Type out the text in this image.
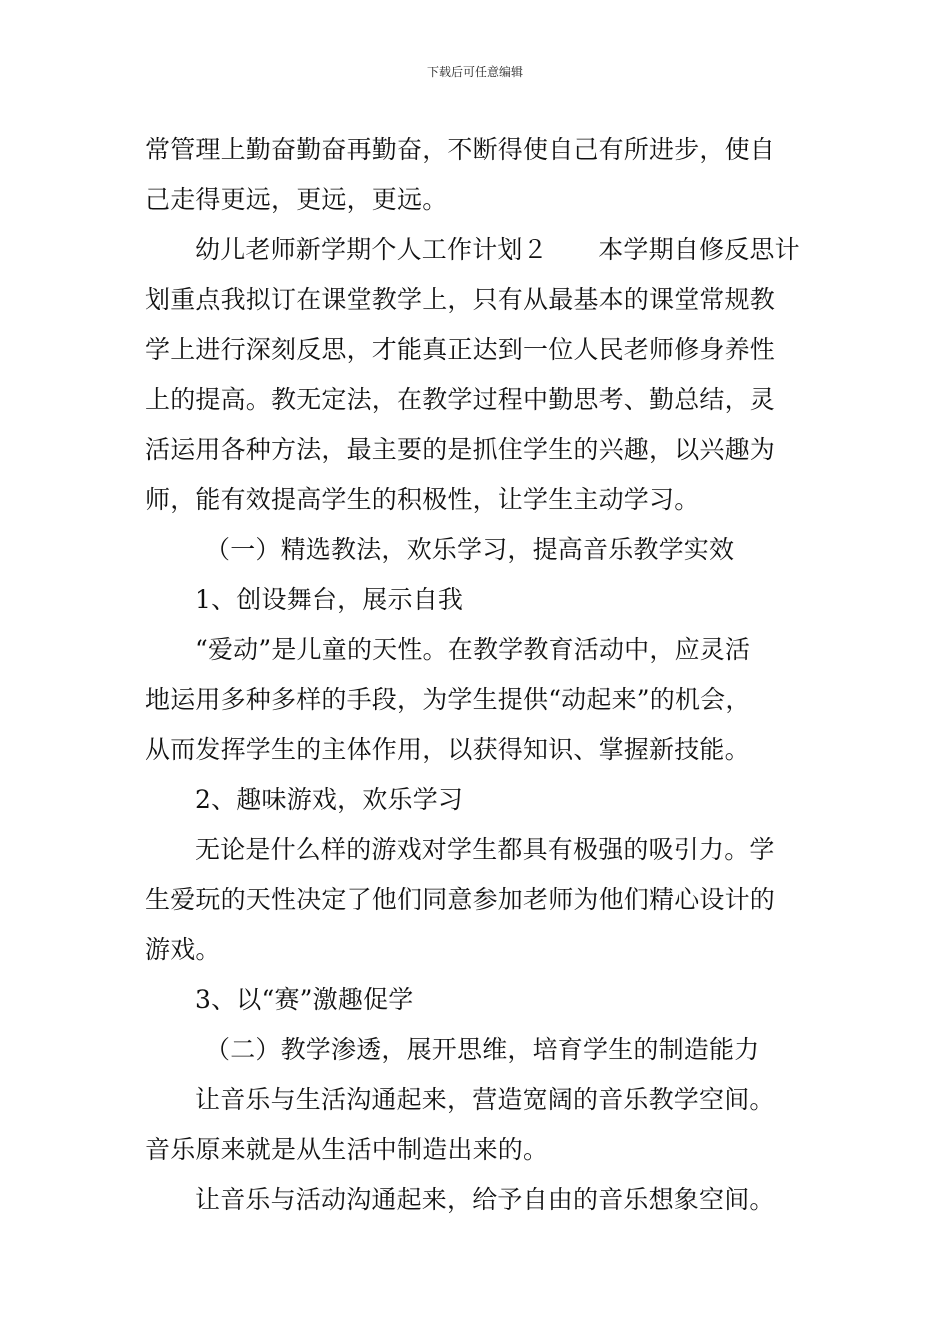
下载后可任意编辑
常管理上勤奋勤奋再勤奋，不断得使自己有所进步，使自
己走得更远，更远，更远。
幼儿老师新学期个人工作计划２　　本学期自修反思计
划重点我拟订在课堂教学上，只有从最基本的课堂常规教
学上进行深刻反思，才能真正达到一位人民老师修身养性
上的提高。教无定法，在教学过程中勤思考、勤总结，灵
活运用各种方法，最主要的是抓住学生的兴趣，以兴趣为
师，能有效提高学生的积极性，让学生主动学习。
（一）精选教法，欢乐学习，提高音乐教学实效
1、创设舞台，展示自我
“爱动”是儿童的天性。在教学教育活动中，应灵活
地运用多种多样的手段，为学生提供“动起来”的机会，
从而发挥学生的主体作用，以获得知识、掌握新技能。
2、趣味游戏，欢乐学习
无论是什么样的游戏对学生都具有极强的吸引力。学
生爱玩的天性决定了他们同意参加老师为他们精心设计的
游戏。
3、以“赛”激趣促学
（二）教学渗透，展开思维，培育学生的制造能力
让音乐与生活沟通起来，营造宽阔的音乐教学空间。
音乐原来就是从生活中制造出来的。
让音乐与活动沟通起来，给予自由的音乐想象空间。
